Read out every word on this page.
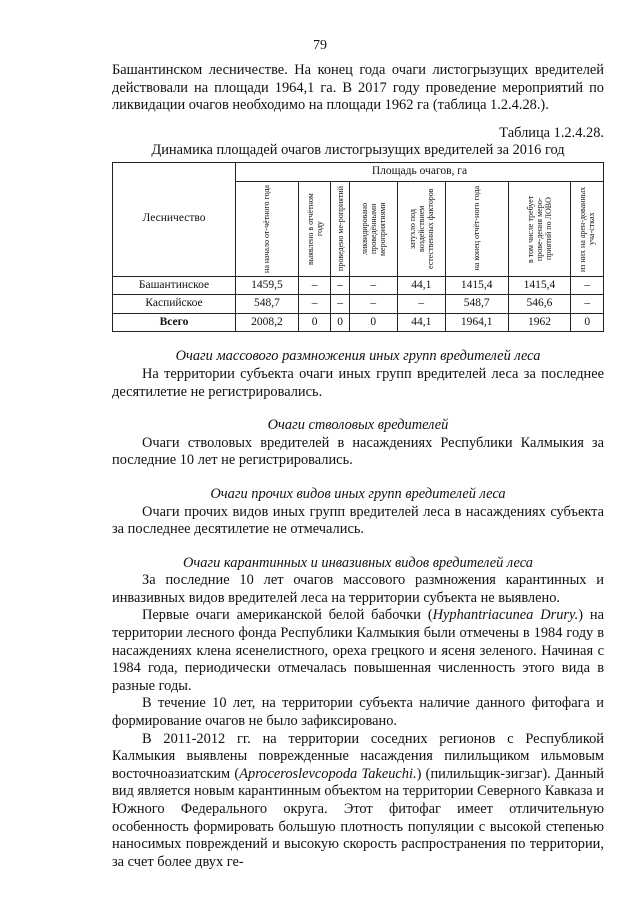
79

Башантинском лесничестве. На конец года очаги листогрызущих вредителей действовали на площади 1964,1 га. В 2017 году проведение мероприятий по ликвидации очагов необходимо на площади 1962 га (таблица 1.2.4.28.).

Таблица 1.2.4.28.

Динамика площадей очагов листогрызущих вредителей за 2016 год

Лесничество	Площадь очагов, га							

	на начало от-чётного года	выявлено в отчётном году	проведено ме-роприятий	ликвидировано проведёнными мероприятиями	затухло под воздействием естественных факторов	на конец отчёт-ного года	в том числе требует прове-дения меро-приятий по ЛОВО	из них на арен-дованных уча-стках

Башантинское	1459,5	–	–	–	44,1	1415,4	1415,4	–
Каспийское	548,7	–	–	–	–	548,7	546,6	–
Всего	2008,2	0	0	0	44,1	1964,1	1962	0

Очаги массового размножения иных групп вредителей леса

На территории субъекта очаги иных групп вредителей леса за последнее десятилетие не регистрировались.

Очаги стволовых вредителей

Очаги стволовых вредителей в насаждениях Республики Калмыкия за последние 10 лет не регистрировались.

Очаги прочих видов иных групп вредителей леса

Очаги прочих видов иных групп вредителей леса в насаждениях субъекта за последнее десятилетие не отмечались.

Очаги карантинных и инвазивных видов вредителей леса

За последние 10 лет очагов массового размножения карантинных и инвазивных видов вредителей леса на территории субъекта не выявлено.

Первые очаги американской белой бабочки (Hyphantriacunea Drury.) на территории лесного фонда Республики Калмыкия были отмечены в 1984 году в насаждениях клена ясенелистного, ореха грецкого и ясеня зеленого. Начиная с 1984 года, периодически отмечалась повышенная численность этого вида в разные годы.

В течение 10 лет, на территории субъекта наличие данного фитофага и формирование очагов не было зафиксировано.

В 2011-2012 гг. на территории соседних регионов с Республикой Калмыкия выявлены поврежденные насаждения пилильщиком ильмовым восточноазиатским (Aproceroslevcopoda Takeuchi.) (пилильщик-зигзаг). Данный вид является новым карантинным объектом на территории Северного Кавказа и Южного Федерального округа. Этот фитофаг имеет отличительную особенность формировать большую плотность популяции с высокой степенью наносимых повреждений и высокую скорость распространения по территории, за счет более двух ге-
